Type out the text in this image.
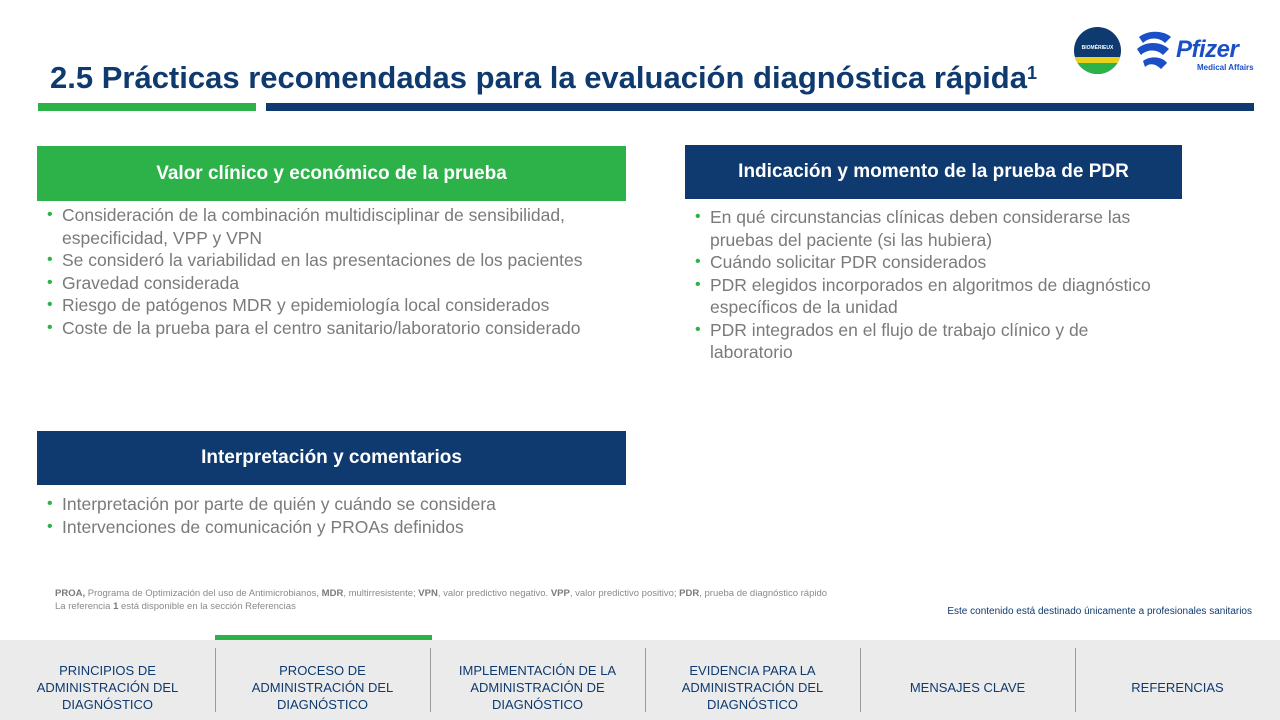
2.5 Prácticas recomendadas para la evaluación diagnóstica rápida$^1$
BIOMÉRIEUX	Pfizer
Medical Affairs
Valor clínico y económico de la prueba
• Consideración de la combinación multidisciplinar de sensibilidad, especificidad, VPP y VPN
• Se consideró la variabilidad en las presentaciones de los pacientes
• Gravedad considerada
• Riesgo de patógenos MDR y epidemiología local considerados
• Coste de la prueba para el centro sanitario/laboratorio considerado
Indicación y momento de la prueba de PDR
• En qué circunstancias clínicas deben considerarse las pruebas del paciente (si las hubiera)
• Cuándo solicitar PDR considerados
• PDR elegidos incorporados en algoritmos de diagnóstico específicos de la unidad
• PDR integrados en el flujo de trabajo clínico y de laboratorio
Interpretación y comentarios
• Interpretación por parte de quién y cuándo se considera
• Intervenciones de comunicación y PROAs definidos
PROA, Programa de Optimización del uso de Antimicrobianos, MDR, multirresistente; VPN, valor predictivo negativo. VPP, valor predictivo positivo; PDR, prueba de diagnóstico rápido
La referencia 1 está disponible en la sección Referencias	Este contenido está destinado únicamente a profesionales sanitarios
PRINCIPIOS DE
ADMINISTRACIÓN DEL
DIAGNÓSTICO
PROCESO DE
ADMINISTRACIÓN DEL
DIAGNÓSTICO
IMPLEMENTACIÓN DE LA
ADMINISTRACIÓN DE
DIAGNÓSTICO
EVIDENCIA PARA LA
ADMINISTRACIÓN DEL
DIAGNÓSTICO
MENSAJES CLAVE	REFERENCIAS
